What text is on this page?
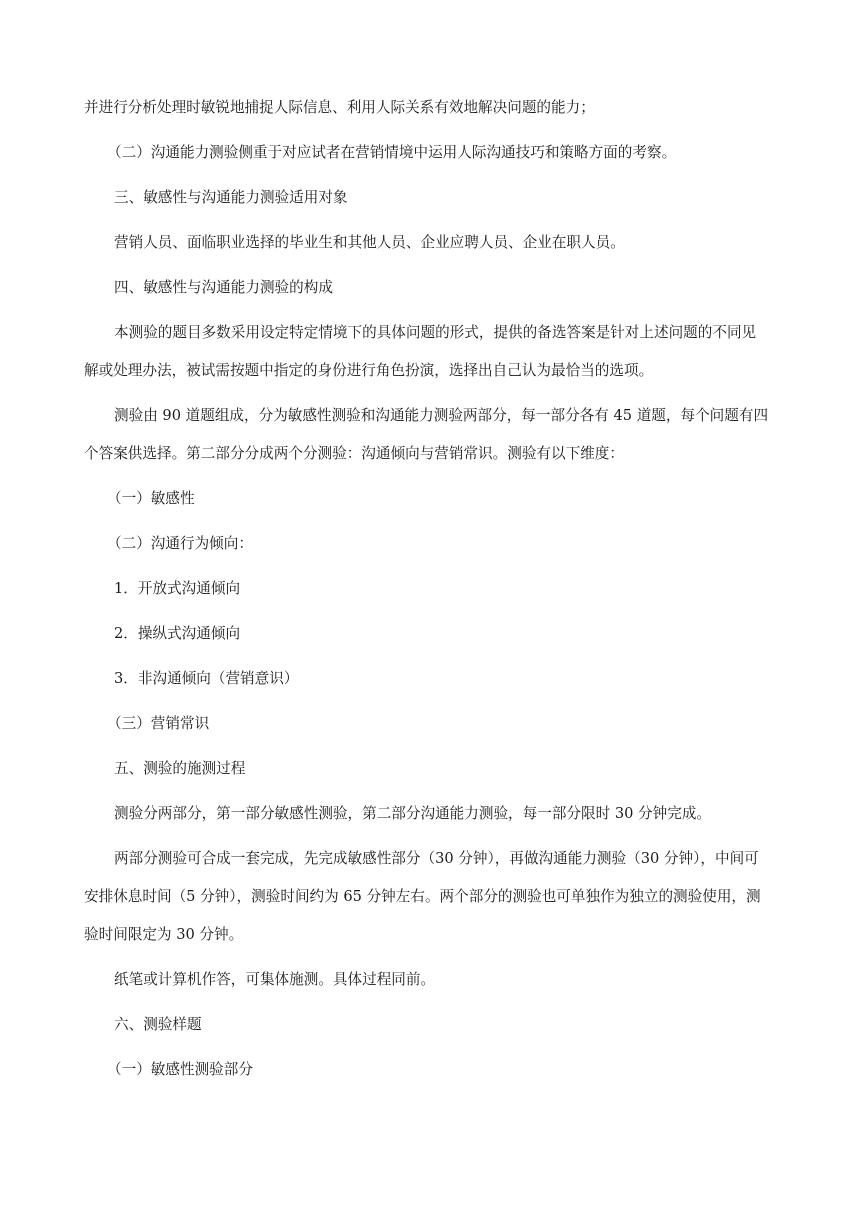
并进行分析处理时敏锐地捕捉人际信息、利用人际关系有效地解决问题的能力；

（二）沟通能力测验侧重于对应试者在营销情境中运用人际沟通技巧和策略方面的考察。

三、敏感性与沟通能力测验适用对象

营销人员、面临职业选择的毕业生和其他人员、企业应聘人员、企业在职人员。

四、敏感性与沟通能力测验的构成

本测验的题目多数采用设定特定情境下的具体问题的形式，提供的备选答案是针对上述问题的不同见

解或处理办法，被试需按题中指定的身份进行角色扮演，选择出自己认为最恰当的选项。

测验由 90 道题组成，分为敏感性测验和沟通能力测验两部分，每一部分各有 45 道题，每个问题有四

个答案供选择。第二部分分成两个分测验：沟通倾向与营销常识。测验有以下维度：

（一）敏感性

（二）沟通行为倾向：

1．开放式沟通倾向

2．操纵式沟通倾向

3．非沟通倾向（营销意识）

（三）营销常识

五、测验的施测过程

测验分两部分，第一部分敏感性测验，第二部分沟通能力测验，每一部分限时 30 分钟完成。

两部分测验可合成一套完成，先完成敏感性部分（30 分钟），再做沟通能力测验（30 分钟），中间可

安排休息时间（5 分钟），测验时间约为 65 分钟左右。两个部分的测验也可单独作为独立的测验使用，测

验时间限定为 30 分钟。

纸笔或计算机作答，可集体施测。具体过程同前。

六、测验样题

（一）敏感性测验部分
